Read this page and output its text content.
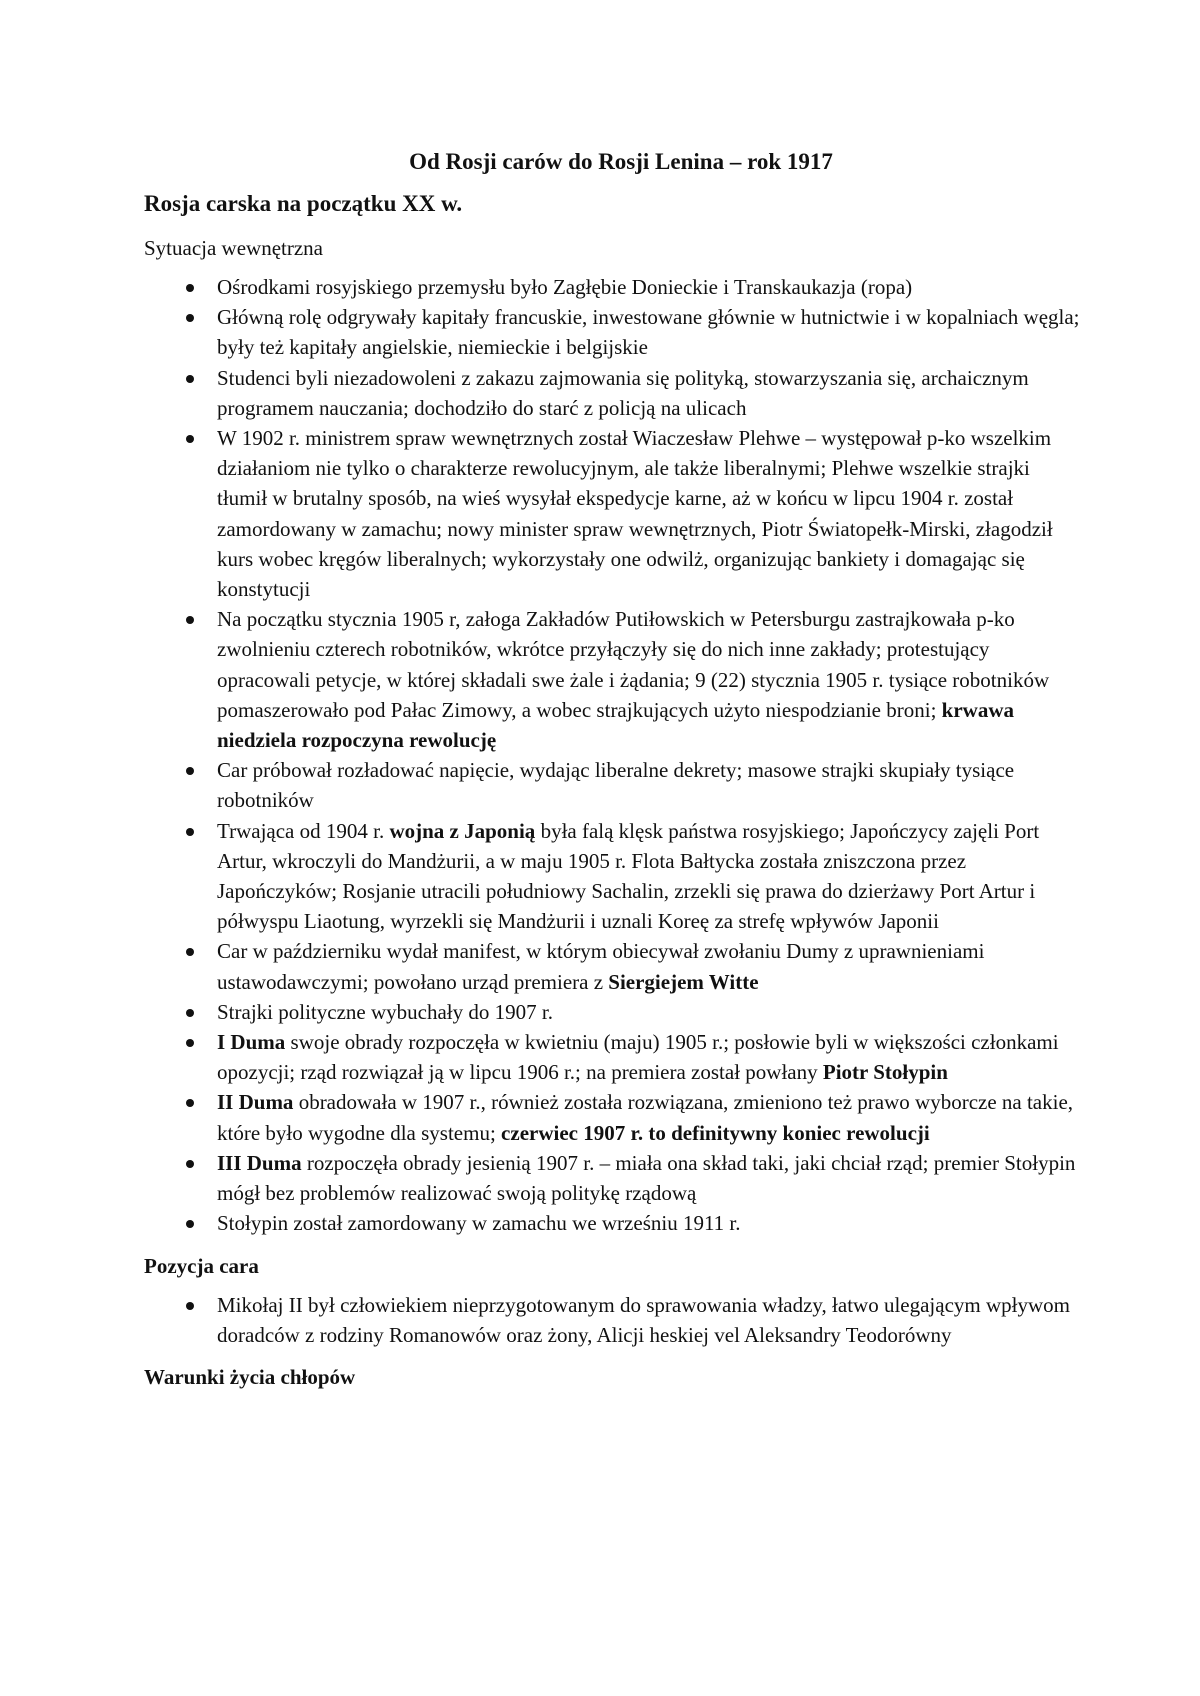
Od Rosji carów do Rosji Lenina – rok 1917
Rosja carska na początku XX w.
Sytuacja wewnętrzna
Ośrodkami rosyjskiego przemysłu było Zagłębie Donieckie i Transkaukazja (ropa)
Główną rolę odgrywały kapitały francuskie, inwestowane głównie w hutnictwie i w kopalniach węgla; były też kapitały angielskie, niemieckie i belgijskie
Studenci byli niezadowoleni z zakazu zajmowania się polityką, stowarzyszania się, archaicznym programem nauczania; dochodziło do starć z policją na ulicach
W 1902 r. ministrem spraw wewnętrznych został Wiaczesław Plehwe – występował p-ko wszelkim działaniom nie tylko o charakterze rewolucyjnym, ale także liberalnymi; Plehwe wszelkie strajki tłumił w brutalny sposób, na wieś wysyłał ekspedycje karne, aż w końcu w lipcu 1904 r. został zamordowany w zamachu; nowy minister spraw wewnętrznych, Piotr Światopełk-Mirski, złagodził kurs wobec kręgów liberalnych; wykorzystały one odwilż, organizując bankiety i domagając się konstytucji
Na początku stycznia 1905 r, załoga Zakładów Putiłowskich w Petersburgu zastrajkowała p-ko zwolnieniu czterech robotników, wkrótce przyłączyły się do nich inne zakłady; protestujący opracowali petycje, w której składali swe żale i żądania; 9 (22) stycznia 1905 r. tysiące robotników pomaszerowało pod Pałac Zimowy, a wobec strajkujących użyto niespodzianie broni; krwawa niedziela rozpoczyna rewolucję
Car próbował rozładować napięcie, wydając liberalne dekrety; masowe strajki skupiały tysiące robotników
Trwająca od 1904 r. wojna z Japonią była falą klęsk państwa rosyjskiego; Japończycy zajęli Port Artur, wkroczyli do Mandżurii, a w maju 1905 r. Flota Bałtycka została zniszczona przez Japończyków; Rosjanie utracili południowy Sachalin, zrzekli się prawa do dzierżawy Port Artur i półwyspu Liaotung, wyrzekli się Mandżurii i uznali Koreę za strefę wpływów Japonii
Car w październiku wydał manifest, w którym obiecywał zwołaniu Dumy z uprawnieniami ustawodawczymi; powołano urząd premiera z Siergiejem Witte
Strajki polityczne wybuchały do 1907 r.
I Duma swoje obrady rozpoczęła w kwietniu (maju) 1905 r.; posłowie byli w większości członkami opozycji; rząd rozwiązał ją w lipcu 1906 r.; na premiera został powłany Piotr Stołypin
II Duma obradowała w 1907 r., również została rozwiązana, zmieniono też prawo wyborcze na takie, które było wygodne dla systemu; czerwiec 1907 r. to definitywny koniec rewolucji
III Duma rozpoczęła obrady jesienią 1907 r. – miała ona skład taki, jaki chciał rząd; premier Stołypin mógł bez problemów realizować swoją politykę rządową
Stołypin został zamordowany w zamachu we wrześniu 1911 r.
Pozycja cara
Mikołaj II był człowiekiem nieprzygotowanym do sprawowania władzy, łatwo ulegającym wpływom doradców z rodziny Romanowów oraz żony, Alicji heskiej vel Aleksandry Teodorówny
Warunki życia chłopów
